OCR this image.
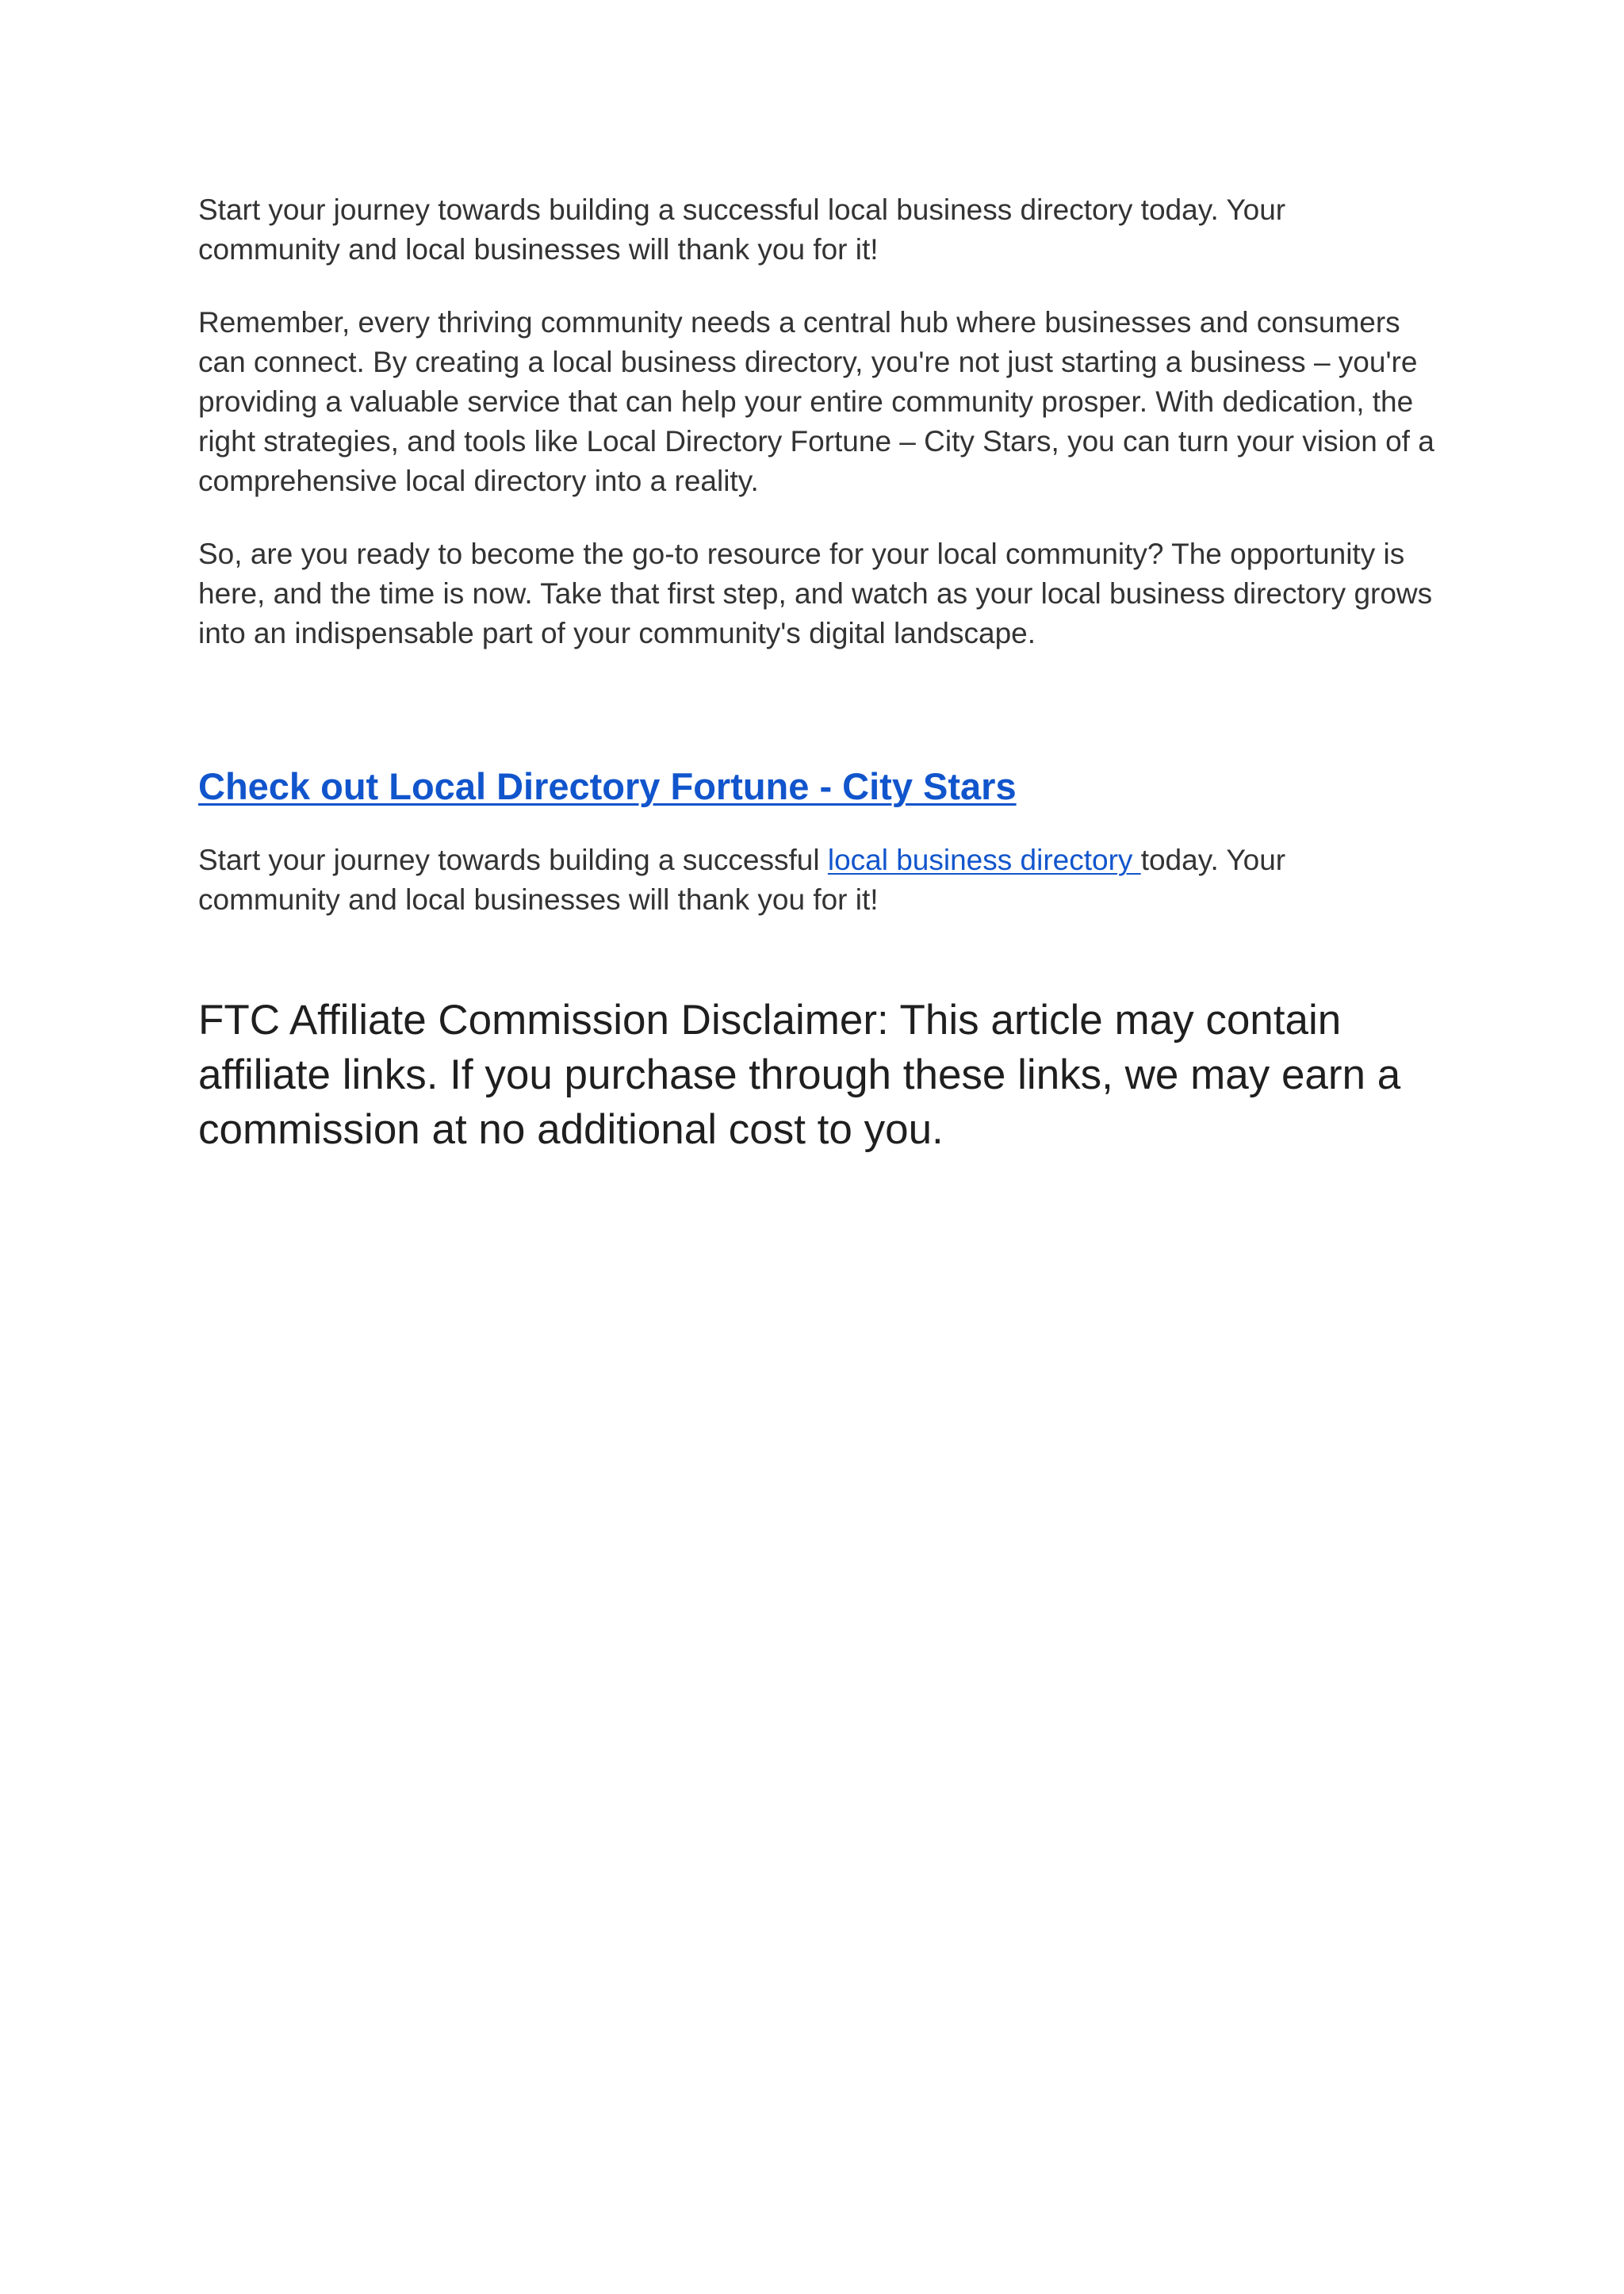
Start your journey towards building a successful local business directory today. Your community and local businesses will thank you for it!

Remember, every thriving community needs a central hub where businesses and consumers can connect. By creating a local business directory, you're not just starting a business – you're providing a valuable service that can help your entire community prosper. With dedication, the right strategies, and tools like Local Directory Fortune – City Stars, you can turn your vision of a comprehensive local directory into a reality.

So, are you ready to become the go-to resource for your local community? The opportunity is here, and the time is now. Take that first step, and watch as your local business directory grows into an indispensable part of your community's digital landscape.

Check out Local Directory Fortune - City Stars

Start your journey towards building a successful local business directory today. Your community and local businesses will thank you for it!

FTC Affiliate Commission Disclaimer: This article may contain affiliate links. If you purchase through these links, we may earn a commission at no additional cost to you.
